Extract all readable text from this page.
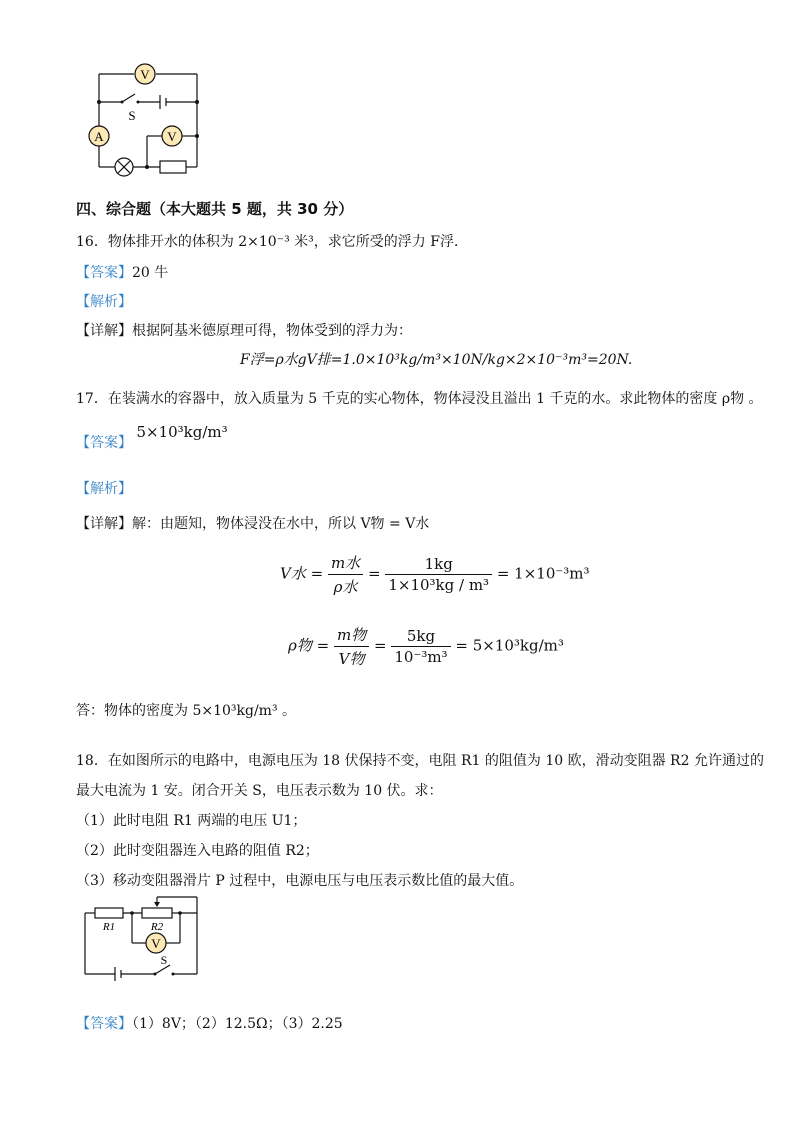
V
V
A
S
四、综合题（本大题共 5 题，共 30 分）
16．物体排开水的体积为 2×10⁻³ 米³，求它所受的浮力 F浮．
【答案】20 牛
【解析】
【详解】根据阿基米德原理可得，物体受到的浮力为：
F浮=ρ水gV排=1.0×10³kg/m³×10N/kg×2×10⁻³m³=20N.
17．在装满水的容器中，放入质量为 5 千克的实心物体，物体浸没且溢出 1 千克的水。求此物体的密度 ρ物 。
【答案】 5×10³kg/m³
【解析】
【详解】解：由题知，物体浸没在水中，所以 V物 = V水
V水 = $\frac{\text{m水}}{\text{ρ水}} = \frac{1kg}{\text{1×10³kg / m³}} = 1\times 10^{-3}m^3$
ρ物 = $\frac{\text{m物}}{\text{V物}} = \frac{5kg}{\text{10⁻³m³}} = 5\times 10^3kg/m^3$
答：物体的密度为 5×10³kg/m³ 。
18．在如图所示的电路中，电源电压为 18 伏保持不变，电阻 R1 的阻值为 10 欧，滑动变阻器 R2 允许通过的
最大电流为 1 安。闭合开关 S，电压表示数为 10 伏。求：
（1）此时电阻 R1 两端的电压 U1；
（2）此时变阻器连入电路的阻值 R2；
（3）移动变阻器滑片 P 过程中，电源电压与电压表示数比值的最大值。
V
R1	R2
S
【答案】（1）8V；（2）12.5Ω；（3）2.25
